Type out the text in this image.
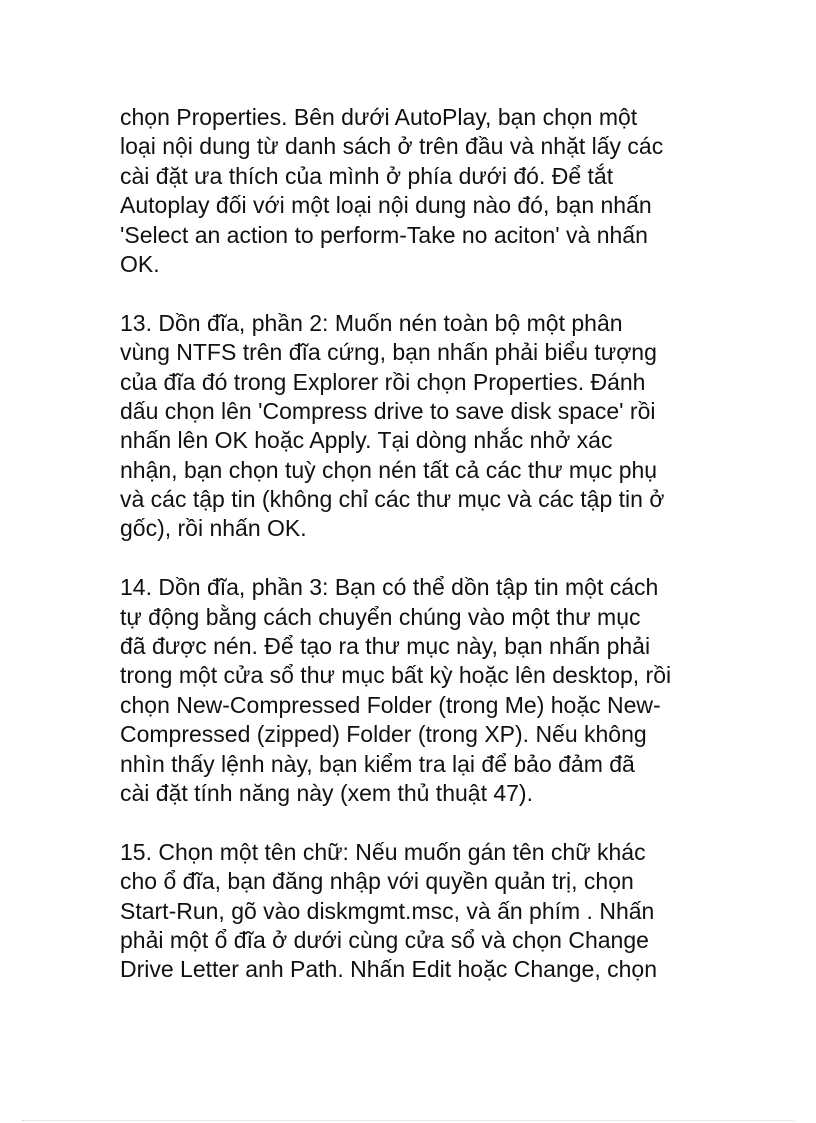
chọn Properties. Bên dưới AutoPlay, bạn chọn một
loại nội dung từ danh sách ở trên đầu và nhặt lấy các
cài đặt ưa thích của mình ở phía dưới đó. Để tắt
Autoplay đối với một loại nội dung nào đó, bạn nhấn
'Select an action to perform-Take no aciton' và nhấn
OK.
13. Dồn đĩa, phần 2: Muốn nén toàn bộ một phân
vùng NTFS trên đĩa cứng, bạn nhấn phải biểu tượng
của đĩa đó trong Explorer rồi chọn Properties. Đánh
dấu chọn lên 'Compress drive to save disk space' rồi
nhấn lên OK hoặc Apply. Tại dòng nhắc nhở xác
nhận, bạn chọn tuỳ chọn nén tất cả các thư mục phụ
và các tập tin (không chỉ các thư mục và các tập tin ở
gốc), rồi nhấn OK.
14. Dồn đĩa, phần 3: Bạn có thể dồn tập tin một cách
tự động bằng cách chuyển chúng vào một thư mục
đã được nén. Để tạo ra thư mục này, bạn nhấn phải
trong một cửa sổ thư mục bất kỳ hoặc lên desktop, rồi
chọn New-Compressed Folder (trong Me) hoặc New-
Compressed (zipped) Folder (trong XP). Nếu không
nhìn thấy lệnh này, bạn kiểm tra lại để bảo đảm đã
cài đặt tính năng này (xem thủ thuật 47).
15. Chọn một tên chữ: Nếu muốn gán tên chữ khác
cho ổ đĩa, bạn đăng nhập với quyền quản trị, chọn
Start-Run, gõ vào diskmgmt.msc, và ấn phím . Nhấn
phải một ổ đĩa ở dưới cùng cửa sổ và chọn Change
Drive Letter anh Path. Nhấn Edit hoặc Change, chọn
